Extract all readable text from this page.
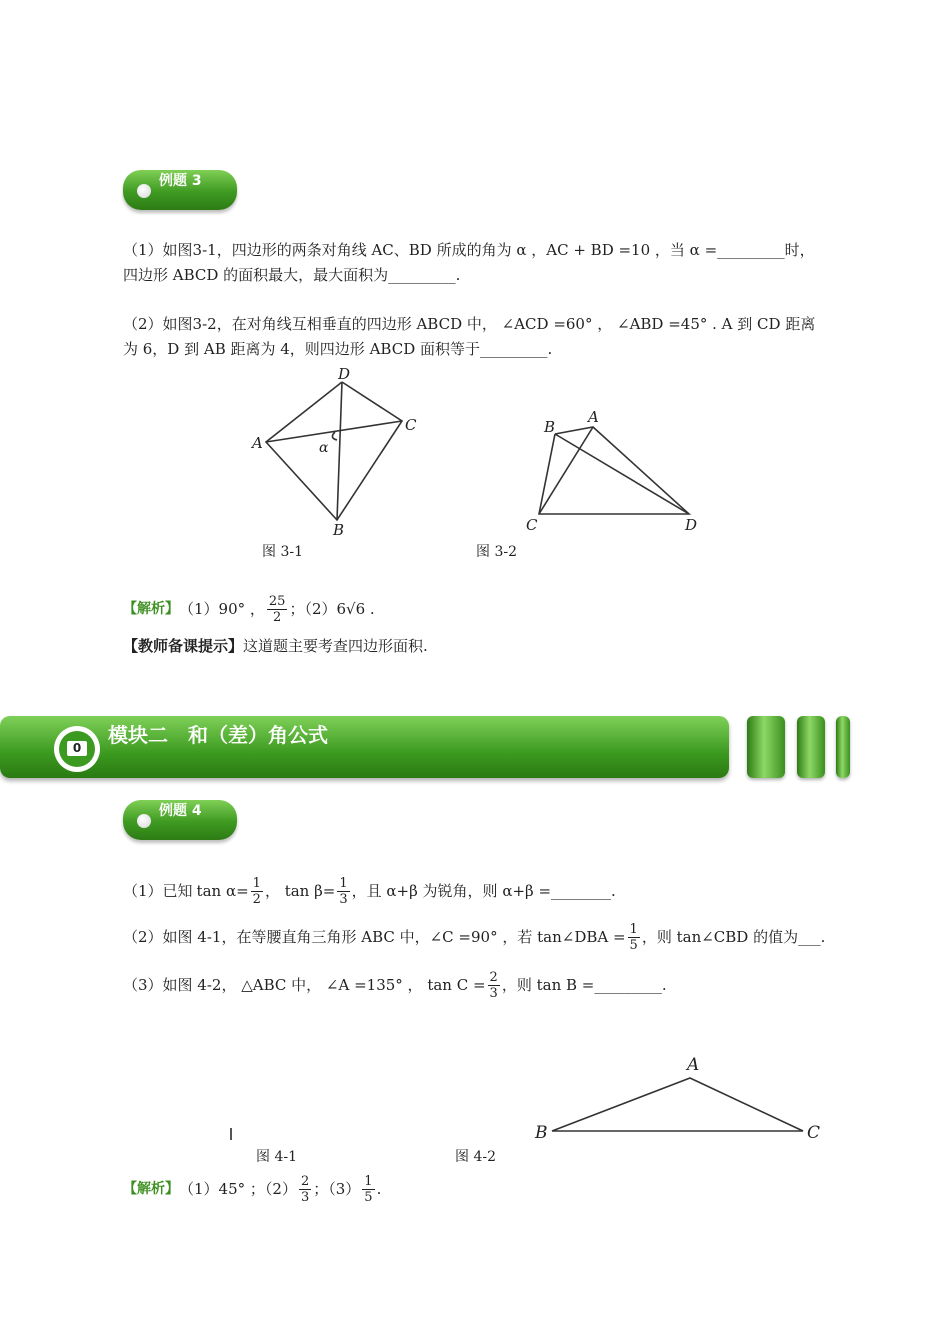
例题 3
（1）如图3-1，四边形的两条对角线 AC、BD 所成的角为 α ，AC + BD =10 ，当 α =_________时，
四边形 ABCD 的面积最大，最大面积为_________.
（2）如图3-2，在对角线互相垂直的四边形 ABCD 中， ∠ACD =60° ， ∠ABD =45° . A 到 CD 距离
为 6，D 到 AB 距离为 4，则四边形 ABCD 面积等于_________.
D
C
A
B
α
图 3-1
B
A
C	D
图 3-2
【解析】 （1）90° ， $\frac{25}{2}$ ；（2）6√6 .
【教师备课提示】这道题主要考查四边形面积.
0
模块二　和（差）角公式
例题 4
（1）已知 $\tan \alpha= \frac{1}{2}$ ， $\tan \beta= \frac{1}{3}$ ，且 α+β 为锐角，则 α+β =________.
（2）如图 4-1，在等腰直角三角形 ABC 中，∠C =90° ，若 tan∠DBA = $\frac{1}{5}$ ，则 tan∠CBD 的值为___.
（3）如图 4-2， △ABC 中， ∠A =135° ， $\tan C = \frac{2}{3}$ ，则 tan B =_________.
图 4-1
A
B	C
图 4-2
【解析】 （1）45° ；$(2) \frac{2}{3}$ ；$(3) \frac{1}{5}$ .
